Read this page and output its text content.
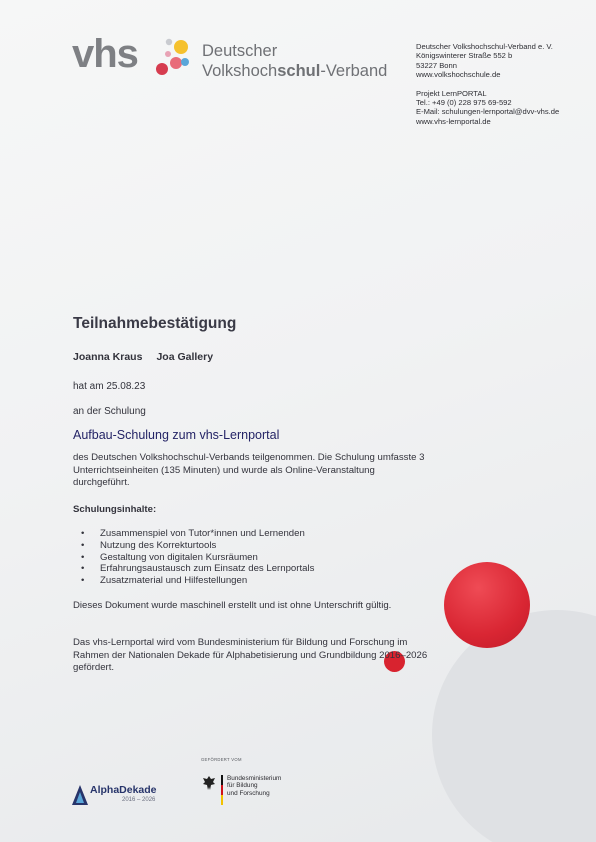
vhs	Deutscher
Volkshochschul-Verband
Deutscher Volkshochschul-Verband e. V.
Königswinterer Straße 552 b
53227 Bonn
www.volkshochschule.de
Projekt LernPORTAL
Tel.: +49 (0) 228 975 69-592
E-Mail: schulungen-lernportal@dvv-vhs.de
www.vhs-lernportal.de
Teilnahmebestätigung
Joanna Kraus Joa Gallery
hat am 25.08.23
an der Schulung
Aufbau-Schulung zum vhs-Lernportal
des Deutschen Volkshochschul-Verbands teilgenommen. Die Schulung umfasste 3 Unterrichtseinheiten (135 Minuten) und wurde als Online-Veranstaltung durchgeführt.
Schulungsinhalte:
• Zusammenspiel von Tutor*innen und Lernenden
• Nutzung des Korrekturtools
• Gestaltung von digitalen Kursräumen
• Erfahrungsaustausch zum Einsatz des Lernportals
• Zusatzmaterial und Hilfestellungen
Dieses Dokument wurde maschinell erstellt und ist ohne Unterschrift gültig.
Das vhs-Lernportal wird vom Bundesministerium für Bildung und Forschung im Rahmen der Nationalen Dekade für Alphabetisierung und Grundbildung 2016–2026 gefördert.
AlphaDekade
2016 – 2026
GEFÖRDERT VOM
Bundesministerium
für Bildung
und Forschung
